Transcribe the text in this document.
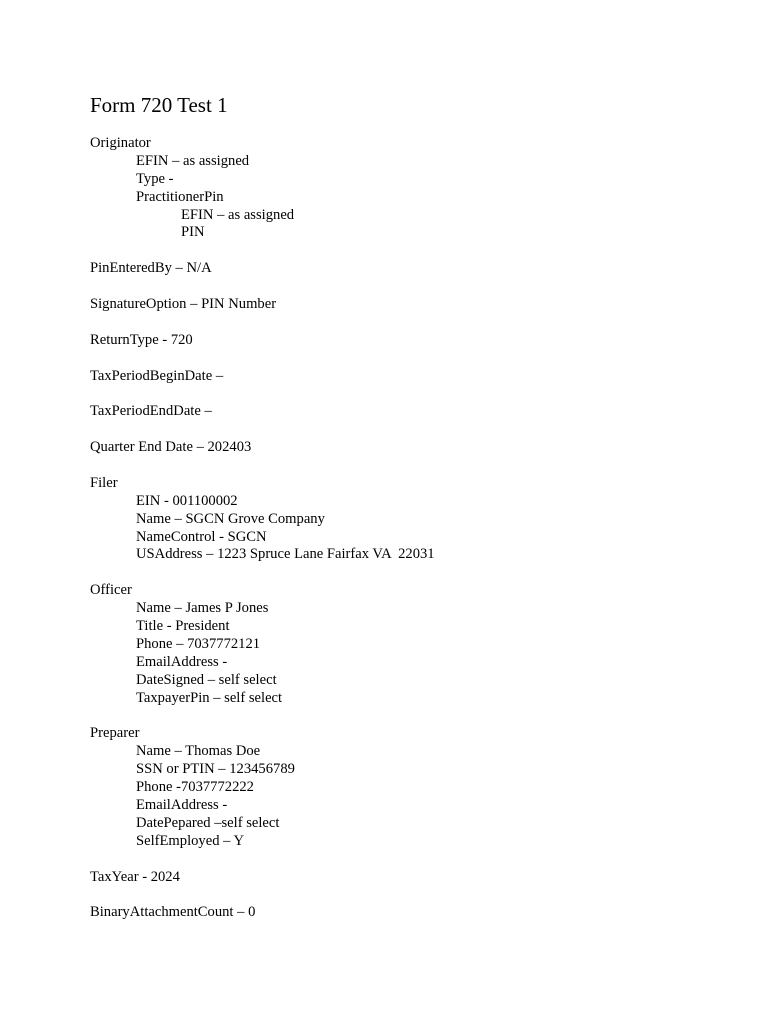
Form 720 Test 1
Originator
EFIN – as assigned
Type -
PractitionerPin
EFIN – as assigned
PIN
PinEnteredBy – N/A
SignatureOption – PIN Number
ReturnType - 720
TaxPeriodBeginDate –
TaxPeriodEndDate –
Quarter End Date – 202403
Filer
EIN - 001100002
Name – SGCN Grove Company
NameControl - SGCN
USAddress – 1223 Spruce Lane Fairfax VA  22031
Officer
Name – James P Jones
Title - President
Phone – 7037772121
EmailAddress -
DateSigned – self select
TaxpayerPin – self select
Preparer
Name – Thomas Doe
SSN or PTIN – 123456789
Phone -7037772222
EmailAddress -
DatePepared –self select
SelfEmployed – Y
TaxYear - 2024
BinaryAttachmentCount – 0
